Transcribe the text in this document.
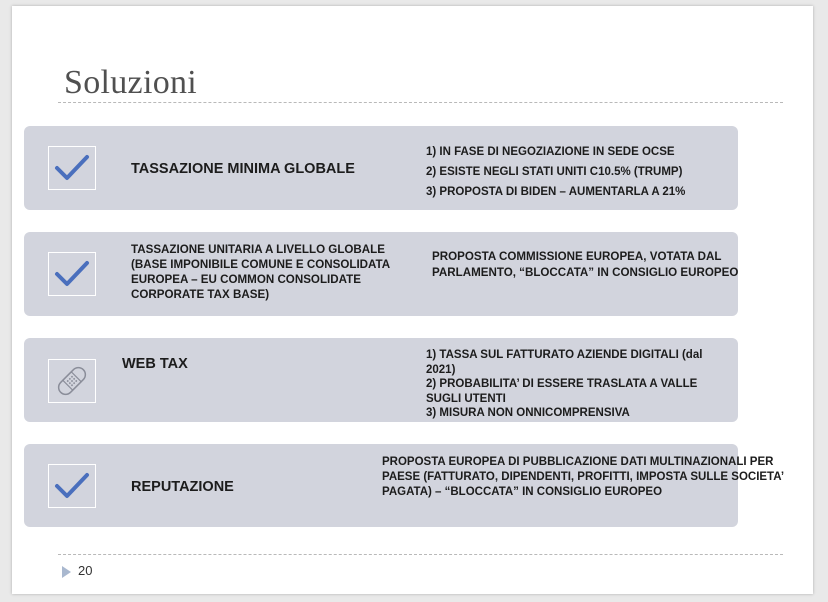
Soluzioni
TASSAZIONE MINIMA GLOBALE
1) IN FASE DI NEGOZIAZIONE IN SEDE OCSE
2) ESISTE NEGLI STATI UNITI C10.5% (TRUMP)
3) PROPOSTA DI BIDEN – AUMENTARLA A 21%
TASSAZIONE UNITARIA A LIVELLO GLOBALE (BASE IMPONIBILE COMUNE E CONSOLIDATA EUROPEA – EU COMMON CONSOLIDATE CORPORATE TAX BASE)
PROPOSTA COMMISSIONE EUROPEA, VOTATA DAL PARLAMENTO, “BLOCCATA” IN CONSIGLIO EUROPEO
WEB TAX
1) TASSA SUL FATTURATO AZIENDE DIGITALI (dal 2021)
2) PROBABILITA’ DI ESSERE TRASLATA A VALLE SUGLI UTENTI
3) MISURA NON ONNICOMPRENSIVA
REPUTAZIONE
PROPOSTA EUROPEA DI PUBBLICAZIONE DATI MULTINAZIONALI PER PAESE (FATTURATO, DIPENDENTI, PROFITTI, IMPOSTA SULLE SOCIETA’ PAGATA) – “BLOCCATA” IN CONSIGLIO EUROPEO
20
